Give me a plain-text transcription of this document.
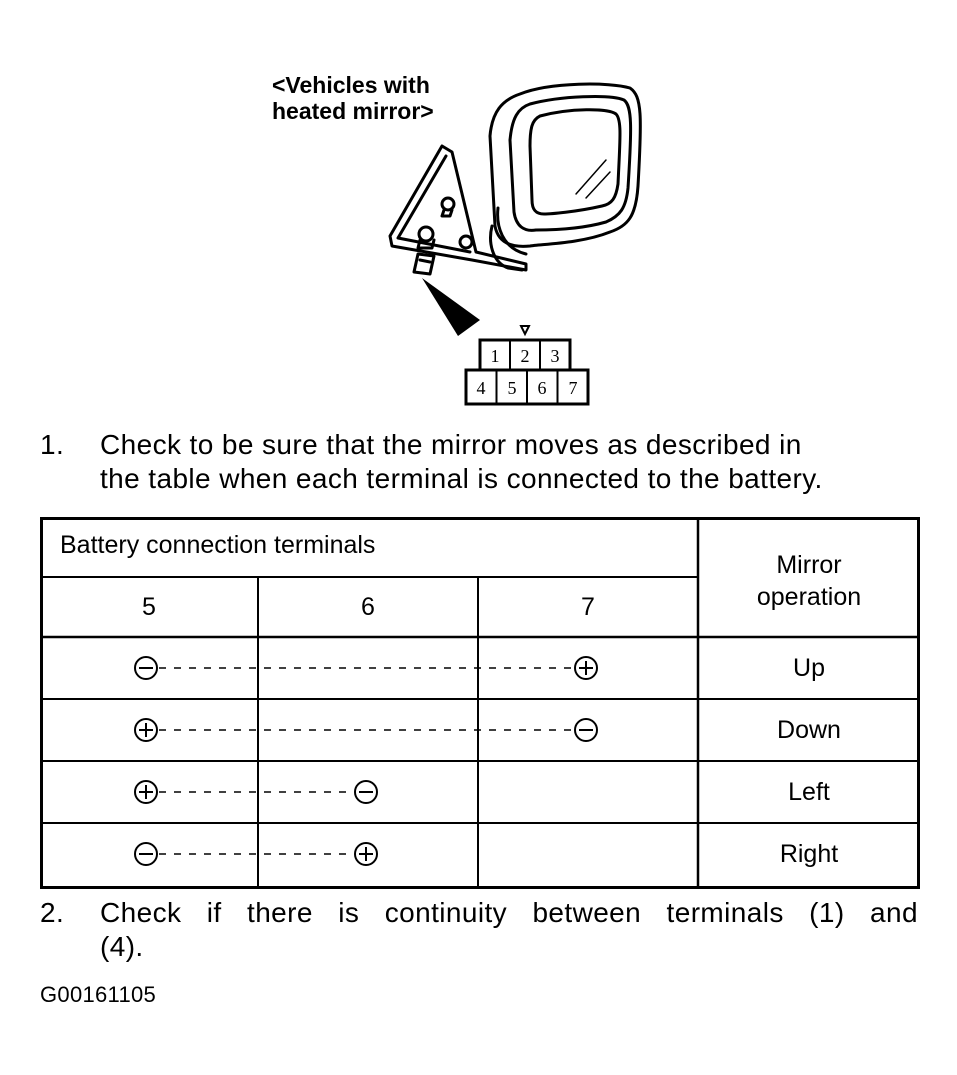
<Vehicles with
heated mirror>
1 2 3
4 5 6 7
1. Check to be sure that the mirror moves as described in
the table when each terminal is connected to the battery.
Battery connection terminals
5	6	7
Mirror
operation
Up
Down
Left
Right
2. Check if there is continuity between terminals (1) and
(4).
G00161105
